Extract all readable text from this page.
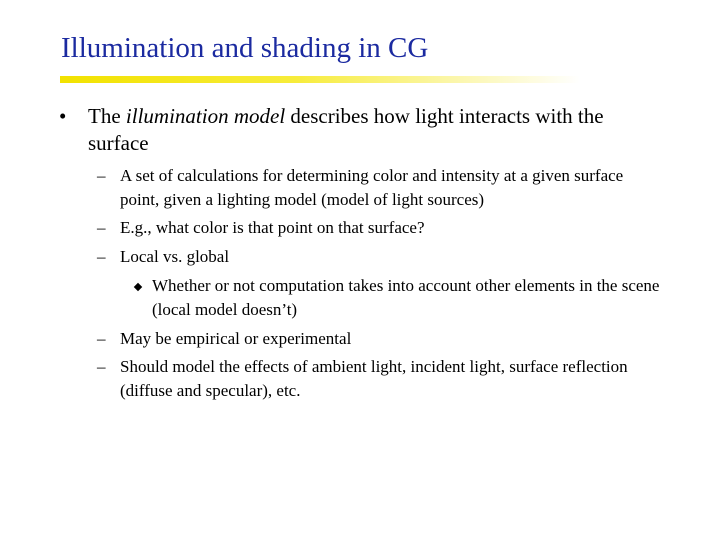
Illumination and shading in CG
• The illumination model describes how light interacts with the surface
– A set of calculations for determining color and intensity at a given surface point, given a lighting model (model of light sources)
– E.g., what color is that point on that surface?
– Local vs. global
Whether or not computation takes into account other elements in the scene (local model doesn’t)
– May be empirical or experimental
– Should model the effects of ambient light, incident light, surface reflection (diffuse and specular), etc.
